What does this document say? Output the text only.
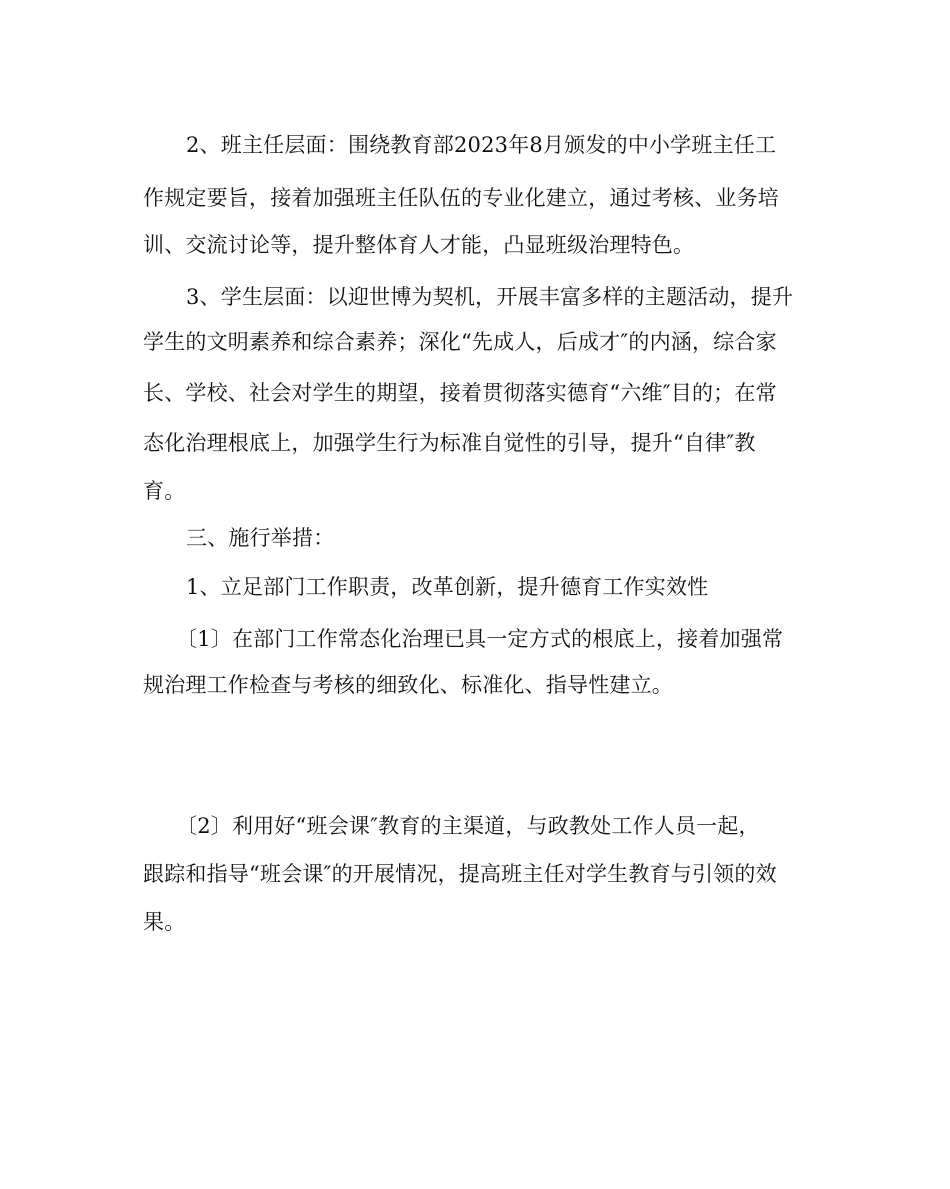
2、班主任层面：围绕教育部2023年8月颁发的中小学班主任工
作规定要旨，接着加强班主任队伍的专业化建立，通过考核、业务培
训、交流讨论等，提升整体育人才能，凸显班级治理特色。
3、学生层面：以迎世博为契机，开展丰富多样的主题活动，提升
学生的文明素养和综合素养；深化“先成人，后成才″的内涵，综合家
长、学校、社会对学生的期望，接着贯彻落实德育“六维″目的；在常
态化治理根底上，加强学生行为标准自觉性的引导，提升“自律″教
育。
三、施行举措：
1、立足部门工作职责，改革创新，提升德育工作实效性
〔1〕在部门工作常态化治理已具一定方式的根底上，接着加强常
规治理工作检查与考核的细致化、标准化、指导性建立。
〔2〕利用好“班会课″教育的主渠道，与政教处工作人员一起，
跟踪和指导“班会课″的开展情况，提高班主任对学生教育与引领的效
果。
